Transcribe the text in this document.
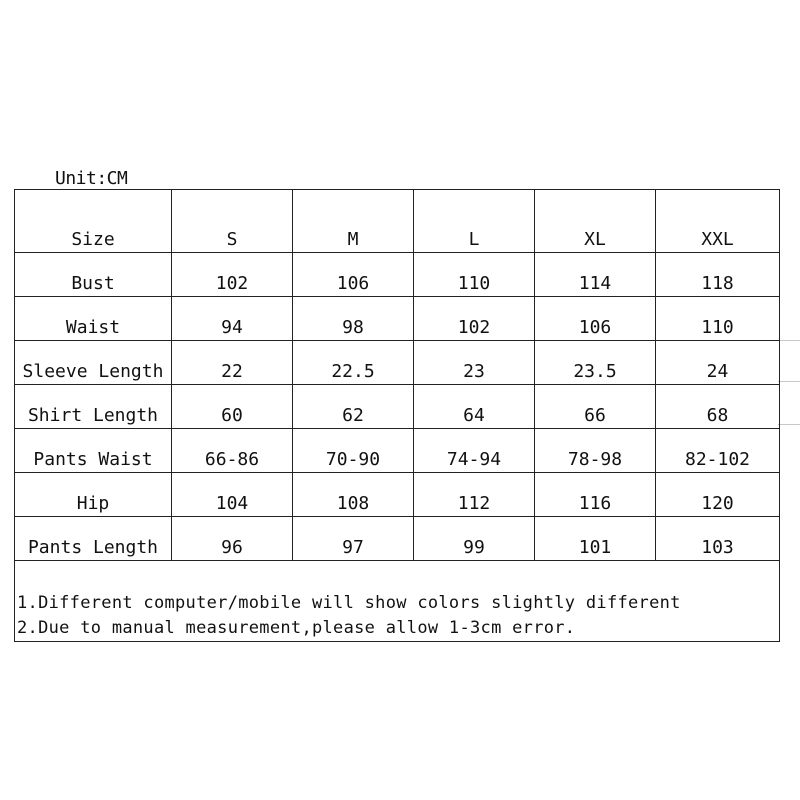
Unit:CM
Size	S	M	L	XL	XXL
Bust	102	106	110	114	118
Waist	94	98	102	106	110
Sleeve Length	22	22.5	23	23.5	24
Shirt Length	60	62	64	66	68
Pants Waist	66-86	70-90	74-94	78-98	82-102
Hip	104	108	112	116	120
Pants Length	96	97	99	101	103

1.Different computer/mobile will show colors slightly different
2.Due to manual measurement,please allow 1-3cm error.					
